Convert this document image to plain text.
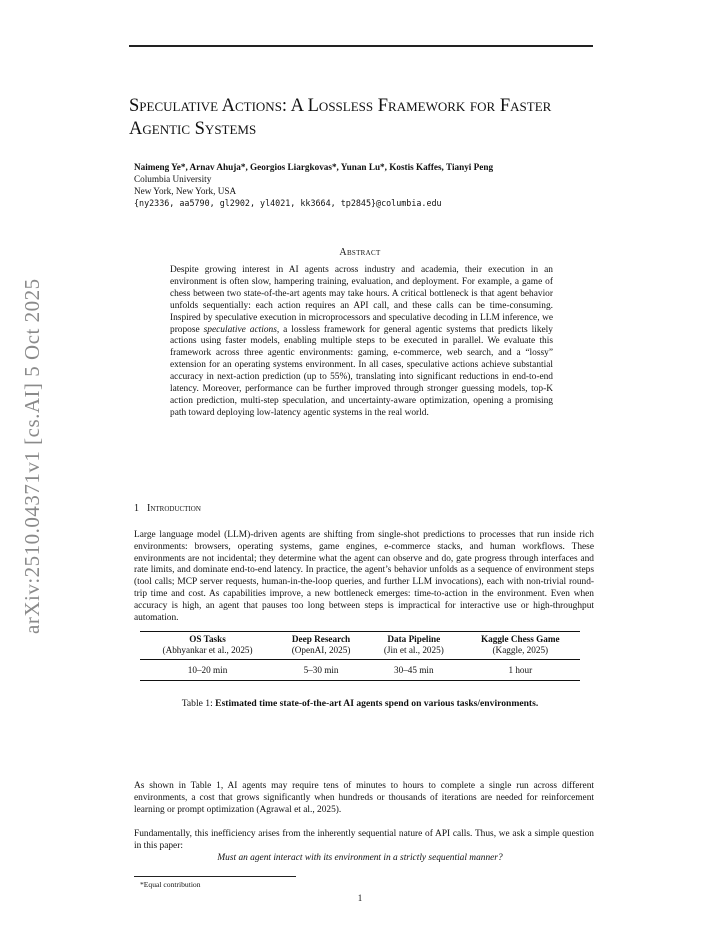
arXiv:2510.04371v1 [cs.AI] 5 Oct 2025
Speculative Actions: A Lossless Framework for Faster
Agentic Systems
Naimeng Ye*, Arnav Ahuja*, Georgios Liargkovas*, Yunan Lu*, Kostis Kaffes, Tianyi Peng
Columbia University
New York, New York, USA
{ny2336, aa5790, gl2902, yl4021, kk3664, tp2845}@columbia.edu
Abstract
Despite growing interest in AI agents across industry and academia, their execution in an environment is often slow, hampering training, evaluation, and deployment. For example, a game of chess between two state-of-the-art agents may take hours. A critical bottleneck is that agent behavior unfolds sequentially: each action requires an API call, and these calls can be time-consuming. Inspired by speculative execution in microprocessors and speculative decoding in LLM inference, we propose speculative actions, a lossless framework for general agentic systems that predicts likely actions using faster models, enabling multiple steps to be executed in parallel. We evaluate this framework across three agentic environments: gaming, e-commerce, web search, and a “lossy” extension for an operating systems environment. In all cases, speculative actions achieve substantial accuracy in next-action prediction (up to 55%), translating into significant reductions in end-to-end latency. Moreover, performance can be further improved through stronger guessing models, top-K action prediction, multi-step speculation, and uncertainty-aware optimization, opening a promising path toward deploying low-latency agentic systems in the real world.
1 Introduction
Large language model (LLM)-driven agents are shifting from single-shot predictions to processes that run inside rich environments: browsers, operating systems, game engines, e-commerce stacks, and human workflows. These environments are not incidental; they determine what the agent can observe and do, gate progress through interfaces and rate limits, and dominate end-to-end latency. In practice, the agent’s behavior unfolds as a sequence of environment steps (tool calls; MCP server requests, human-in-the-loop queries, and further LLM invocations), each with non-trivial round-trip time and cost. As capabilities improve, a new bottleneck emerges: time-to-action in the environment. Even when accuracy is high, an agent that pauses too long between steps is impractical for interactive use or high-throughput automation.
OS Tasks	Deep Research	Data Pipeline	Kaggle Chess Game
(Abhyankar et al., 2025)	(OpenAI, 2025)	(Jin et al., 2025)	(Kaggle, 2025)
10–20 min	5–30 min	30–45 min	1 hour
Table 1: Estimated time state-of-the-art AI agents spend on various tasks/environments.
As shown in Table 1, AI agents may require tens of minutes to hours to complete a single run across different environments, a cost that grows significantly when hundreds or thousands of iterations are needed for reinforcement learning or prompt optimization (Agrawal et al., 2025).
Fundamentally, this inefficiency arises from the inherently sequential nature of API calls. Thus, we ask a simple question in this paper:
Must an agent interact with its environment in a strictly sequential manner?
*Equal contribution
1
